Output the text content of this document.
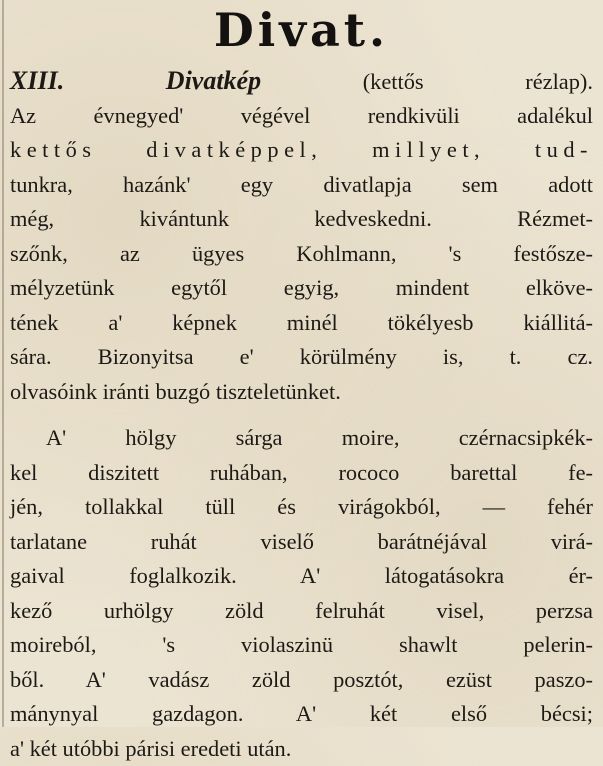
Divat.
XIII.	Divatkép (kettős rézlap).
Az évnegyed' végével rendkivüli adalékul
kettős divatképpel, millyet, tud-
tunkra, hazánk' egy divatlapja sem adott
még, kivántunk kedveskedni. Rézmet-
szőnk, az ügyes Kohlmann, 's festősze-
mélyzetünk egytől egyig, mindent elköve-
tének a' képnek minél tökélyesb kiállitá-
sára. Bizonyitsa e' körülmény is, t. cz.
olvasóink iránti buzgó tiszteletünket.
A' hölgy sárga moire, czérnacsipkék-
kel diszitett ruhában, rococo barettal fe-
jén, tollakkal tüll és virágokból, — fehér
tarlatane ruhát viselő barátnéjával virá-
gaival foglalkozik. A' látogatásokra ér-
kező urhölgy zöld felruhát visel, perzsa
moireból, 's violaszinü shawlt pelerin-
ből. A' vadász zöld posztót, ezüst paszo-
mánynyal gazdagon. A' két első bécsi;
a' két utóbbi párisi eredeti után.
